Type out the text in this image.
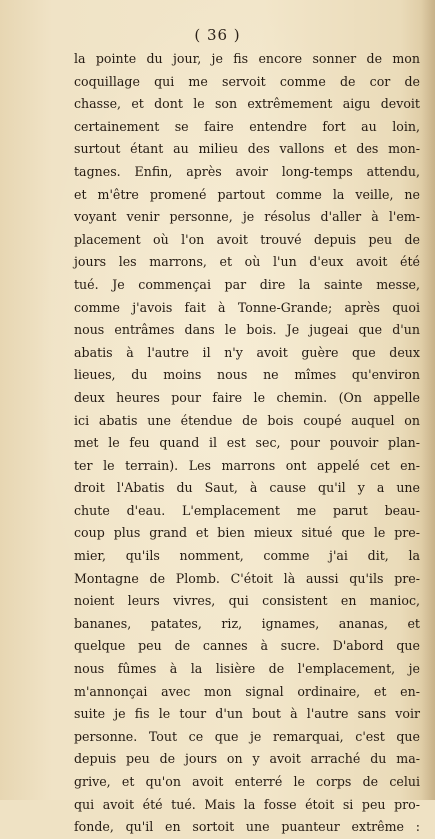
( 36 )
la pointe du jour, je fis encore sonner de mon
coquillage qui me servoit comme de cor de
chasse, et dont le son extrêmement aigu devoit
certainement se faire entendre fort au loin,
surtout étant au milieu des vallons et des mon-
tagnes. Enfin, après avoir long-temps attendu,
et m'être promené partout comme la veille, ne
voyant venir personne, je résolus d'aller à l'em-
placement où l'on avoit trouvé depuis peu de
jours les marrons, et où l'un d'eux avoit été
tué. Je commençai par dire la sainte messe,
comme j'avois fait à Tonne-Grande; après quoi
nous entrâmes dans le bois. Je jugeai que d'un
abatis à l'autre il n'y avoit guère que deux
lieues, du moins nous ne mîmes qu'environ
deux heures pour faire le chemin. (On appelle
ici abatis une étendue de bois coupé auquel on
met le feu quand il est sec, pour pouvoir plan-
ter le terrain). Les marrons ont appelé cet en-
droit l'Abatis du Saut, à cause qu'il y a une
chute d'eau. L'emplacement me parut beau-
coup plus grand et bien mieux situé que le pre-
mier, qu'ils nomment, comme j'ai dit, la
Montagne de Plomb. C'étoit là aussi qu'ils pre-
noient leurs vivres, qui consistent en manioc,
bananes, patates, riz, ignames, ananas, et
quelque peu de cannes à sucre. D'abord que
nous fûmes à la lisière de l'emplacement, je
m'annonçai avec mon signal ordinaire, et en-
suite je fis le tour d'un bout à l'autre sans voir
personne. Tout ce que je remarquai, c'est que
depuis peu de jours on y avoit arraché du ma-
grive, et qu'on avoit enterré le corps de celui
qui avoit été tué. Mais la fosse étoit si peu pro-
fonde, qu'il en sortoit une puanteur extrême :
